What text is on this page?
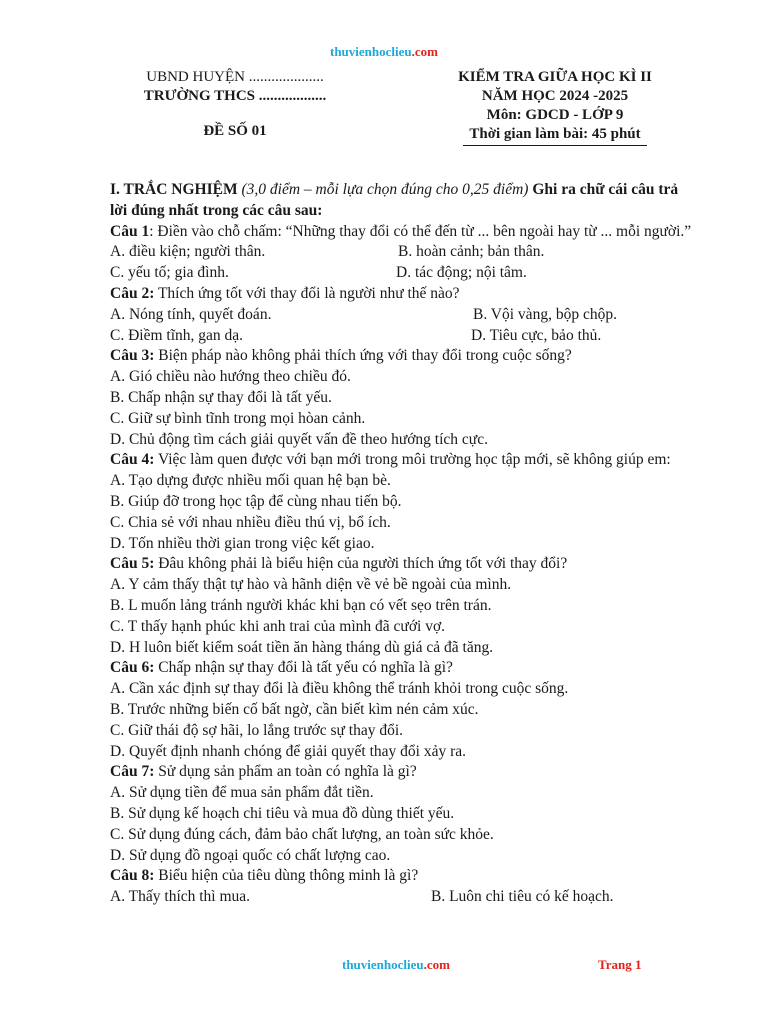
thuvienhoclieu.com
UBND HUYỆN ....................
TRƯỜNG THCS ..................
ĐỀ SỐ 01
KIỂM TRA GIỮA HỌC KÌ II
NĂM HỌC 2024 -2025
Môn: GDCD - LỚP 9
Thời gian làm bài: 45 phút
I. TRẮC NGHIỆM (3,0 điểm – mỗi lựa chọn đúng cho 0,25 điểm) Ghi ra chữ cái câu trả lời đúng nhất trong các câu sau:
Câu 1: Điền vào chỗ chấm: “Những thay đổi có thể đến từ ... bên ngoài hay từ ... mỗi người.”
A. điều kiện; người thân.	B. hoàn cảnh; bản thân.
C. yếu tố; gia đình.	D. tác động; nội tâm.
Câu 2: Thích ứng tốt với thay đổi là người như thế nào?
A. Nóng tính, quyết đoán.	B. Vội vàng, bộp chộp.
C. Điềm tĩnh, gan dạ.	D. Tiêu cực, bảo thủ.
Câu 3: Biện pháp nào không phải thích ứng với thay đổi trong cuộc sống?
A. Gió chiều nào hướng theo chiều đó.
B. Chấp nhận sự thay đổi là tất yếu.
C. Giữ sự bình tĩnh trong mọi hòan cảnh.
D. Chủ động tìm cách giải quyết vấn đề theo hướng tích cực.
Câu 4: Việc làm quen được với bạn mới trong môi trường học tập mới, sẽ không giúp em:
A. Tạo dựng được nhiều mối quan hệ bạn bè.
B. Giúp đỡ trong học tập để cùng nhau tiến bộ.
C. Chia sẻ với nhau nhiều điều thú vị, bổ ích.
D. Tốn nhiều thời gian trong việc kết giao.
Câu 5: Đâu không phải là biểu hiện của người thích ứng tốt với thay đổi?
A. Y cảm thấy thật tự hào và hãnh diện về vẻ bề ngoài của mình.
B. L muốn lảng tránh người khác khi bạn có vết sẹo trên trán.
C. T thấy hạnh phúc khi anh trai của mình đã cưới vợ.
D. H luôn biết kiểm soát tiền ăn hàng tháng dù giá cả đã tăng.
Câu 6: Chấp nhận sự thay đổi là tất yếu có nghĩa là gì?
A. Cần xác định sự thay đổi là điều không thể tránh khỏi trong cuộc sống.
B. Trước những biến cố bất ngờ, cần biết kìm nén cảm xúc.
C. Giữ thái độ sợ hãi, lo lắng trước sự thay đổi.
D. Quyết định nhanh chóng để giải quyết thay đổi xảy ra.
Câu 7: Sử dụng sản phẩm an toàn có nghĩa là gì?
A. Sử dụng tiền để mua sản phẩm đắt tiền.
B. Sử dụng kế hoạch chi tiêu và mua đồ dùng thiết yếu.
C. Sử dụng đúng cách, đảm bảo chất lượng, an toàn sức khỏe.
D. Sử dụng đồ ngoại quốc có chất lượng cao.
Câu 8: Biểu hiện của tiêu dùng thông minh là gì?
A. Thấy thích thì mua.	B. Luôn chi tiêu có kế hoạch.
thuvienhoclieu.com	Trang 1
